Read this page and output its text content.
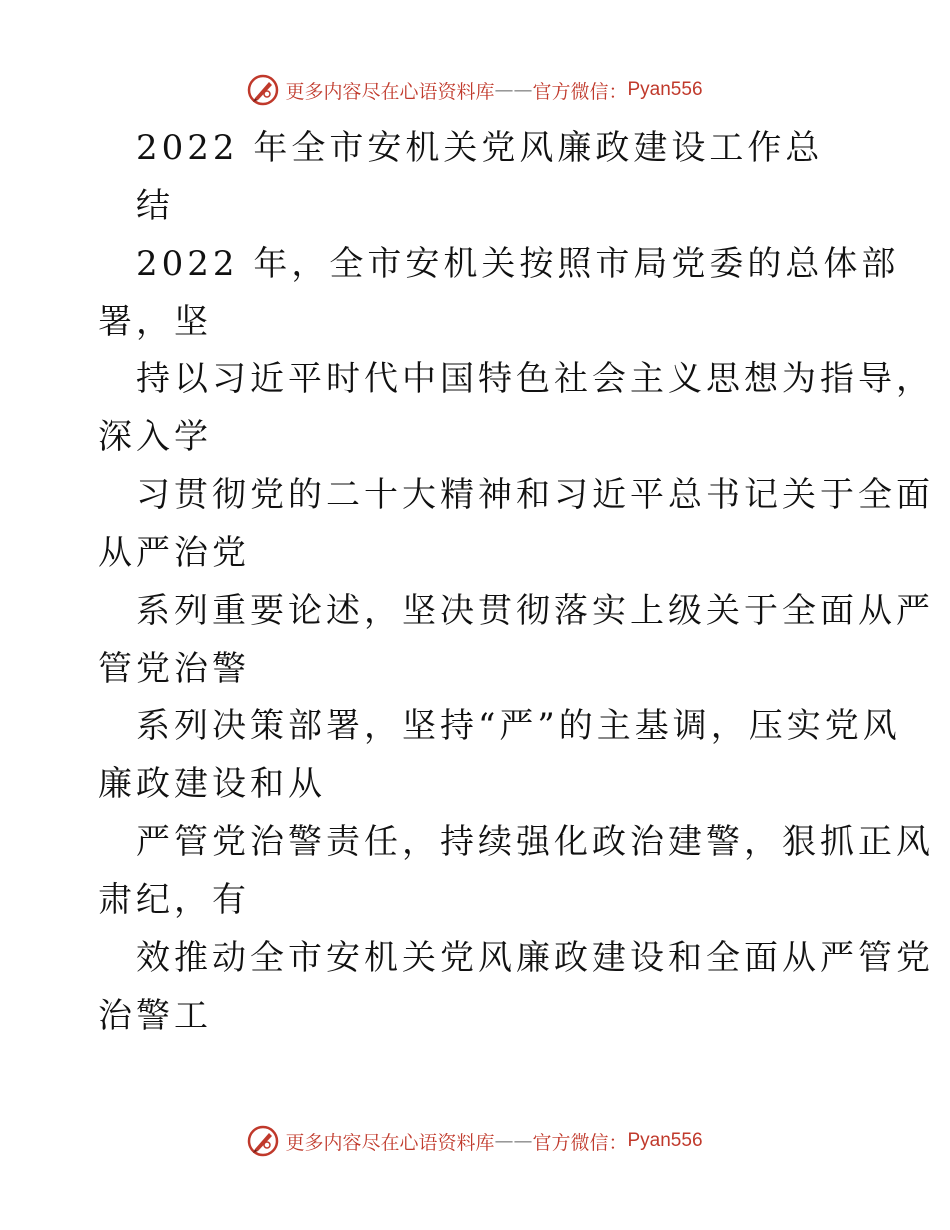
更多内容尽在心语资料库 —— 官方微信： Pyan556
2022 年全市安机关党风廉政建设工作总
结
2022 年，全市安机关按照市局党委的总体部
署，坚
持以习近平时代中国特色社会主义思想为指导，
深入学
习贯彻党的二十大精神和习近平总书记关于全面
从严治党
系列重要论述，坚决贯彻落实上级关于全面从严
管党治警
系列决策部署，坚持“严”的主基调，压实党风
廉政建设和从
严管党治警责任，持续强化政治建警，狠抓正风
肃纪，有
效推动全市安机关党风廉政建设和全面从严管党
治警工
更多内容尽在心语资料库 —— 官方微信： Pyan556
